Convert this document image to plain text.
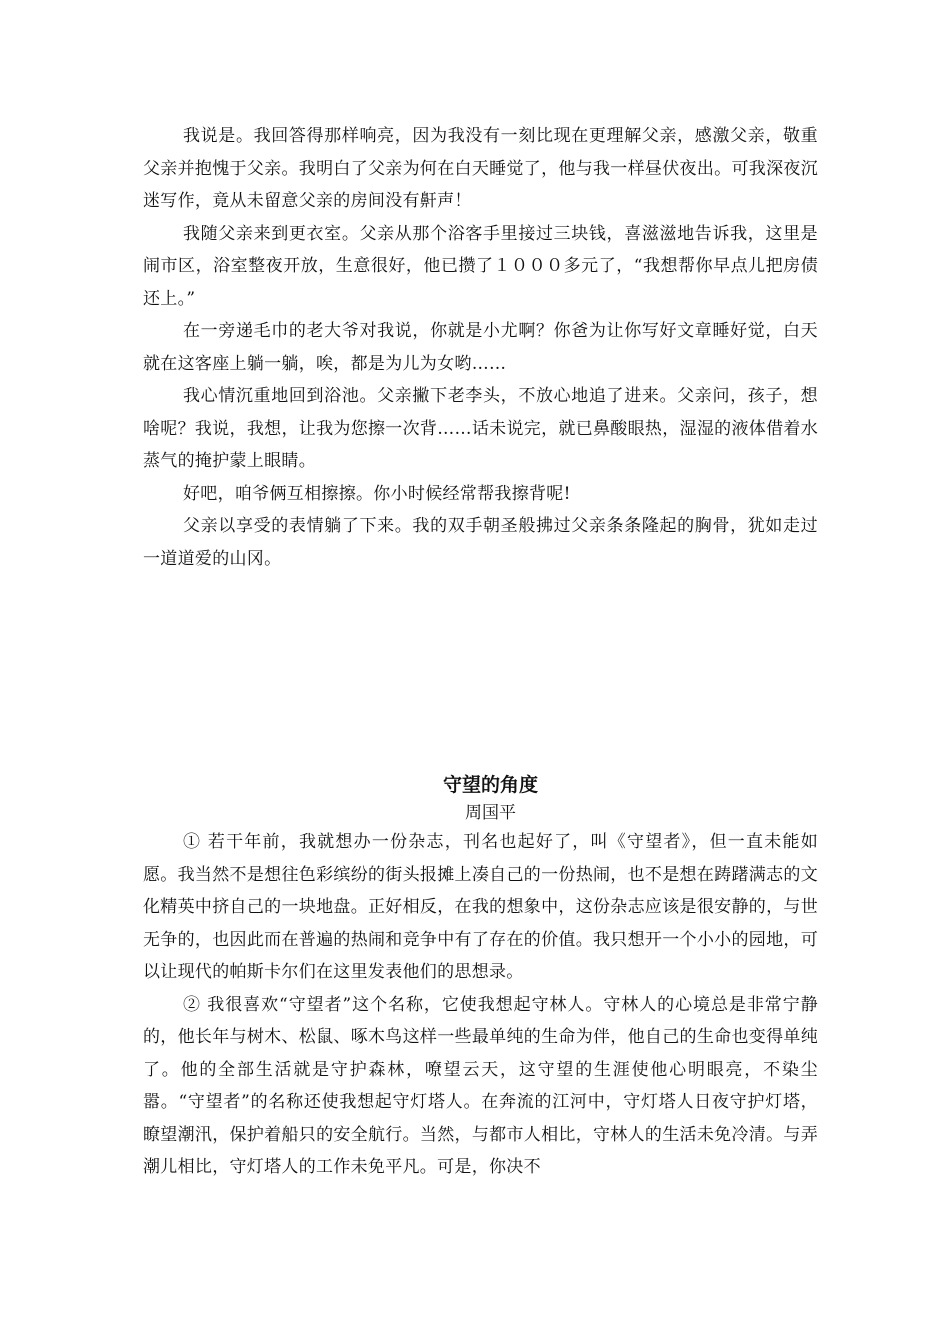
我说是。我回答得那样响亮，因为我没有一刻比现在更理解父亲，感激父亲，敬重父亲并抱愧于父亲。我明白了父亲为何在白天睡觉了，他与我一样昼伏夜出。可我深夜沉迷写作，竟从未留意父亲的房间没有鼾声！

我随父亲来到更衣室。父亲从那个浴客手里接过三块钱，喜滋滋地告诉我，这里是闹市区，浴室整夜开放，生意很好，他已攒了１０００多元了，“我想帮你早点儿把房债还上。”

在一旁递毛巾的老大爷对我说，你就是小尤啊？你爸为让你写好文章睡好觉，白天就在这客座上躺一躺，唉，都是为儿为女哟……

我心情沉重地回到浴池。父亲撇下老李头，不放心地追了进来。父亲问，孩子，想啥呢？我说，我想，让我为您擦一次背……话未说完，就已鼻酸眼热，湿湿的液体借着水蒸气的掩护蒙上眼睛。

好吧，咱爷俩互相擦擦。你小时候经常帮我擦背呢!

父亲以享受的表情躺了下来。我的双手朝圣般拂过父亲条条隆起的胸骨，犹如走过一道道爱的山冈。

守望的角度
周国平

① 若干年前，我就想办一份杂志，刊名也起好了，叫《守望者》，但一直未能如愿。我当然不是想往色彩缤纷的街头报摊上凑自己的一份热闹，也不是想在踌躇满志的文化精英中挤自己的一块地盘。正好相反，在我的想象中，这份杂志应该是很安静的，与世无争的，也因此而在普遍的热闹和竞争中有了存在的价值。我只想开一个小小的园地，可以让现代的帕斯卡尔们在这里发表他们的思想录。

② 我很喜欢“守望者”这个名称，它使我想起守林人。守林人的心境总是非常宁静的，他长年与树木、松鼠、啄木鸟这样一些最单纯的生命为伴，他自己的生命也变得单纯了。他的全部生活就是守护森林，嘹望云天，这守望的生涯使他心明眼亮，不染尘嚣。“守望者”的名称还使我想起守灯塔人。在奔流的江河中，守灯塔人日夜守护灯塔，瞭望潮汛，保护着船只的安全航行。当然，与都市人相比，守林人的生活未免冷清。与弄潮儿相比，守灯塔人的工作未免平凡。可是，你决不
